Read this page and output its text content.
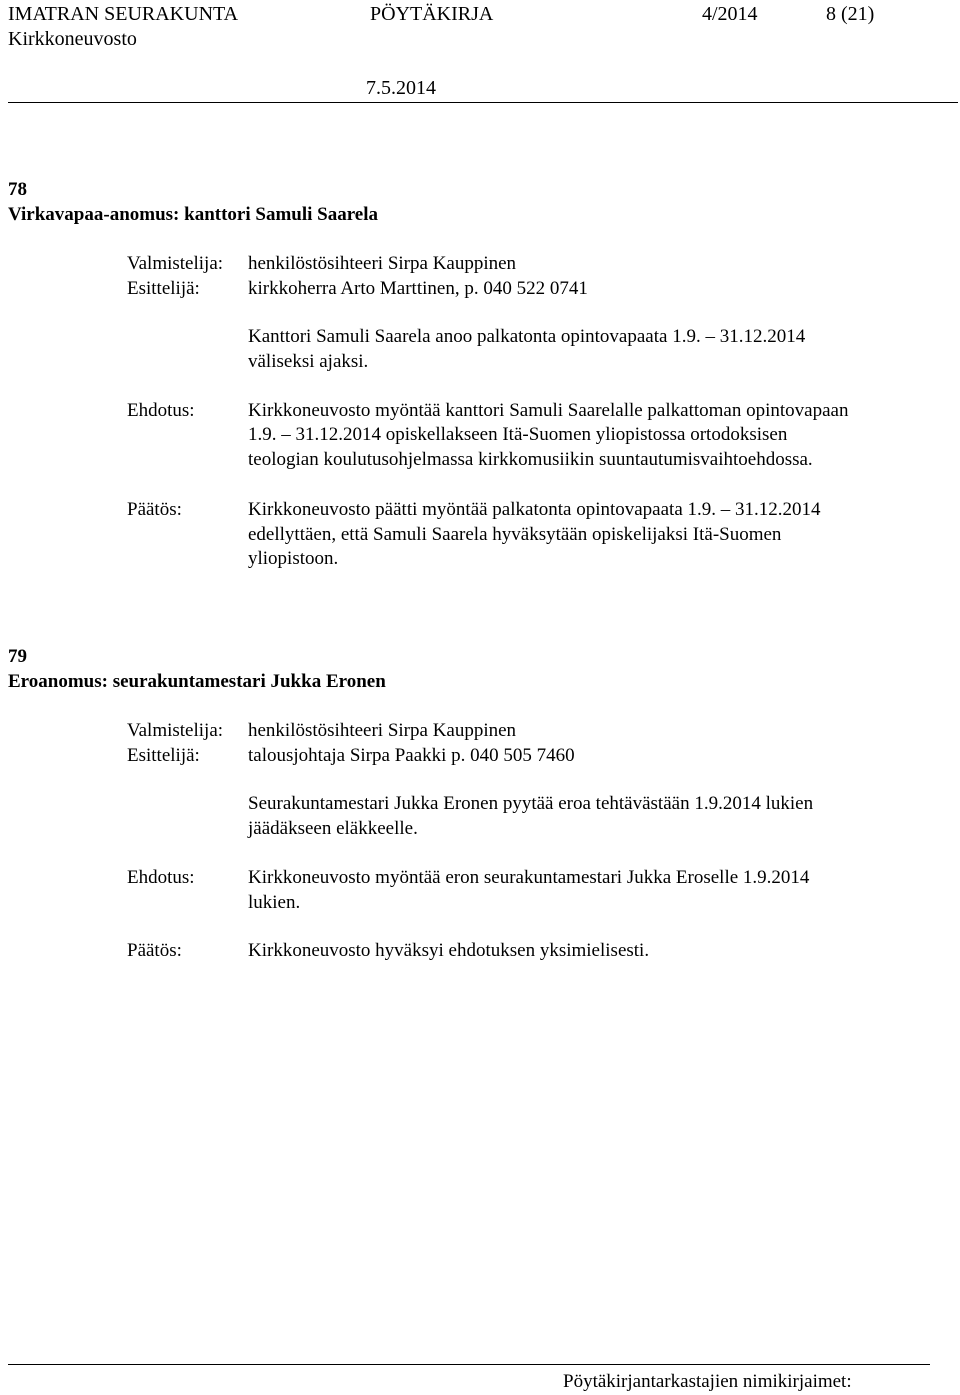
IMATRAN SEURAKUNTA	PÖYTÄKIRJA	4/2014	8 (21)
Kirkkoneuvosto
7.5.2014
78
Virkavapaa-anomus: kanttori Samuli Saarela
Valmistelija: henkilöstösihteeri Sirpa Kauppinen
Esittelijä:	kirkkoherra Arto Marttinen, p. 040 522 0741
Kanttori Samuli Saarela anoo palkatonta opintovapaata 1.9. – 31.12.2014
väliseksi ajaksi.
Ehdotus:	Kirkkoneuvosto myöntää kanttori Samuli Saarelalle palkattoman opintovapaan
1.9. – 31.12.2014 opiskellakseen Itä-Suomen yliopistossa ortodoksisen
teologian koulutusohjelmassa kirkkomusiikin suuntautumisvaihtoehdossa.
Päätös:	Kirkkoneuvosto päätti myöntää palkatonta opintovapaata 1.9. – 31.12.2014
edellyttäen, että Samuli Saarela hyväksytään opiskelijaksi Itä-Suomen
yliopistoon.
79
Eroanomus: seurakuntamestari Jukka Eronen
Valmistelija: henkilöstösihteeri Sirpa Kauppinen
Esittelijä:	talousjohtaja Sirpa Paakki p. 040 505 7460
Seurakuntamestari Jukka Eronen pyytää eroa tehtävästään 1.9.2014 lukien
jäädäkseen eläkkeelle.
Ehdotus:	Kirkkoneuvosto myöntää eron seurakuntamestari Jukka Eroselle 1.9.2014
lukien.
Päätös:	Kirkkoneuvosto hyväksyi ehdotuksen yksimielisesti.
Pöytäkirjantarkastajien nimikirjaimet:
